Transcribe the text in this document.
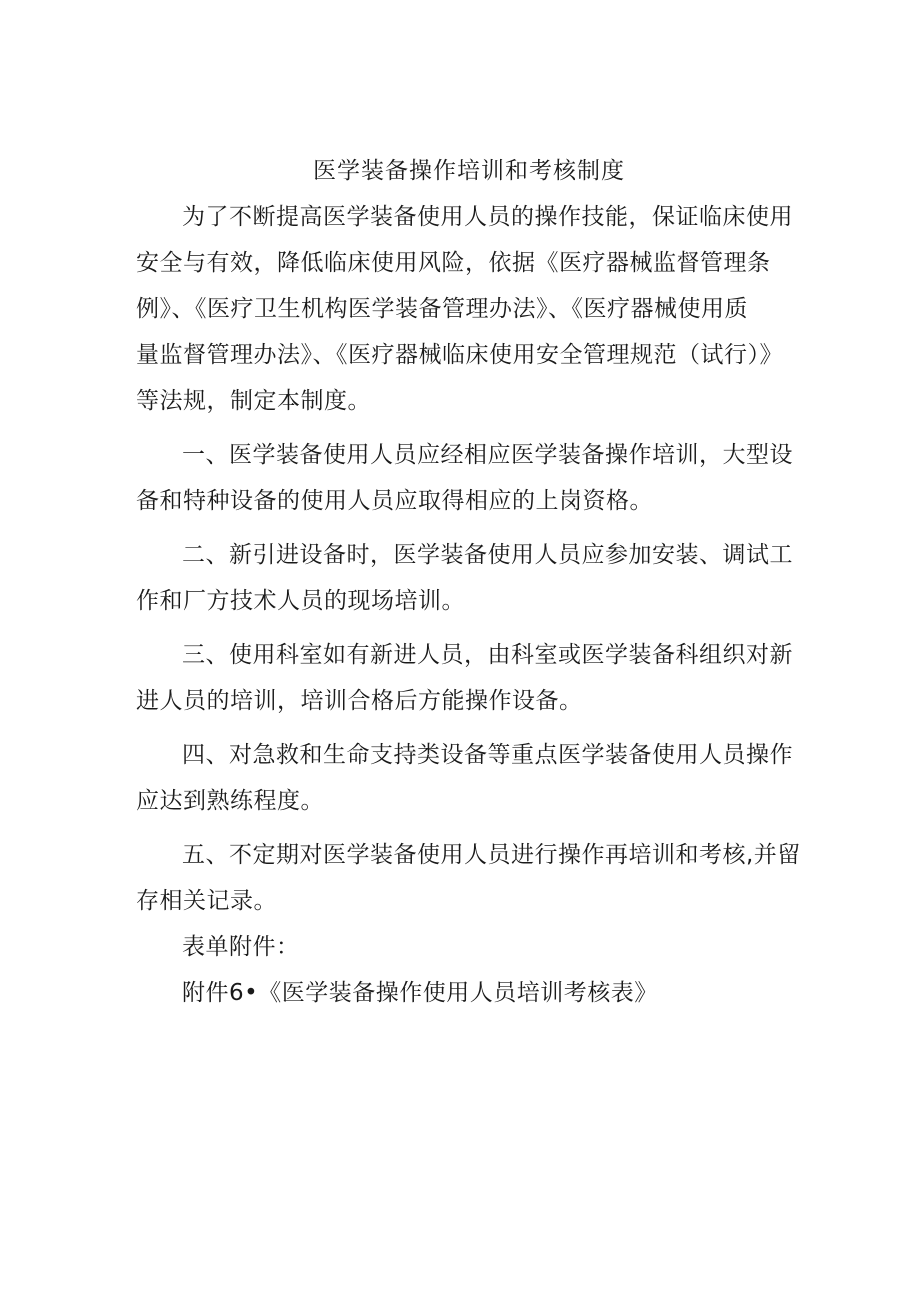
医学装备操作培训和考核制度

为了不断提高医学装备使用人员的操作技能，保证临床使用
安全与有效，降低临床使用风险，依据《医疗器械监督管理条
例》、《医疗卫生机构医学装备管理办法》、《医疗器械使用质
量监督管理办法》、《医疗器械临床使用安全管理规范（试行）》
等法规，制定本制度。

一、医学装备使用人员应经相应医学装备操作培训，大型设
备和特种设备的使用人员应取得相应的上岗资格。

二、新引进设备时，医学装备使用人员应参加安装、调试工
作和厂方技术人员的现场培训。

三、使用科室如有新进人员，由科室或医学装备科组织对新
进人员的培训，培训合格后方能操作设备。

四、对急救和生命支持类设备等重点医学装备使用人员操作
应达到熟练程度。

五、不定期对医学装备使用人员进行操作再培训和考核,并留
存相关记录。

表单附件：

附件6•《医学装备操作使用人员培训考核表》
